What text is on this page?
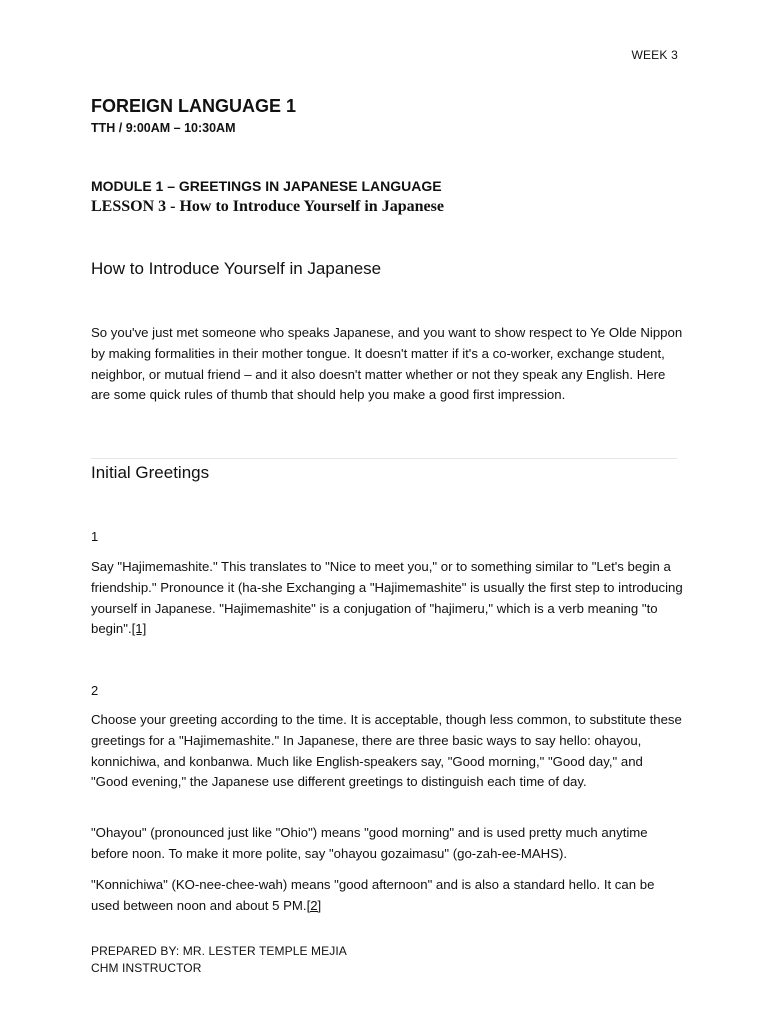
WEEK 3
FOREIGN LANGUAGE 1
TTH / 9:00AM – 10:30AM
MODULE 1 – GREETINGS IN JAPANESE LANGUAGE
LESSON 3 - How to Introduce Yourself in Japanese
How to Introduce Yourself in Japanese

So you've just met someone who speaks Japanese, and you want to show respect to Ye Olde Nippon by making formalities in their mother tongue. It doesn't matter if it's a co-worker, exchange student, neighbor, or mutual friend – and it also doesn't matter whether or not they speak any English. Here are some quick rules of thumb that should help you make a good first impression.

Initial Greetings
1

Say "Hajimemashite." This translates to "Nice to meet you," or to something similar to "Let's begin a friendship." Pronounce it (ha-she Exchanging a "Hajimemashite" is usually the first step to introducing yourself in Japanese. "Hajimemashite" is a conjugation of "hajimeru," which is a verb meaning "to begin".[1]

2

Choose your greeting according to the time. It is acceptable, though less common, to substitute these greetings for a "Hajimemashite." In Japanese, there are three basic ways to say hello: ohayou, konnichiwa, and konbanwa. Much like English-speakers say, "Good morning," "Good day," and "Good evening," the Japanese use different greetings to distinguish each time of day.

"Ohayou" (pronounced just like "Ohio") means "good morning" and is used pretty much anytime before noon. To make it more polite, say "ohayou gozaimasu" (go-zah-ee-MAHS).

"Konnichiwa" (KO-nee-chee-wah) means "good afternoon" and is also a standard hello. It can be used between noon and about 5 PM.[2]

PREPARED BY: MR. LESTER TEMPLE MEJIA
CHM INSTRUCTOR
